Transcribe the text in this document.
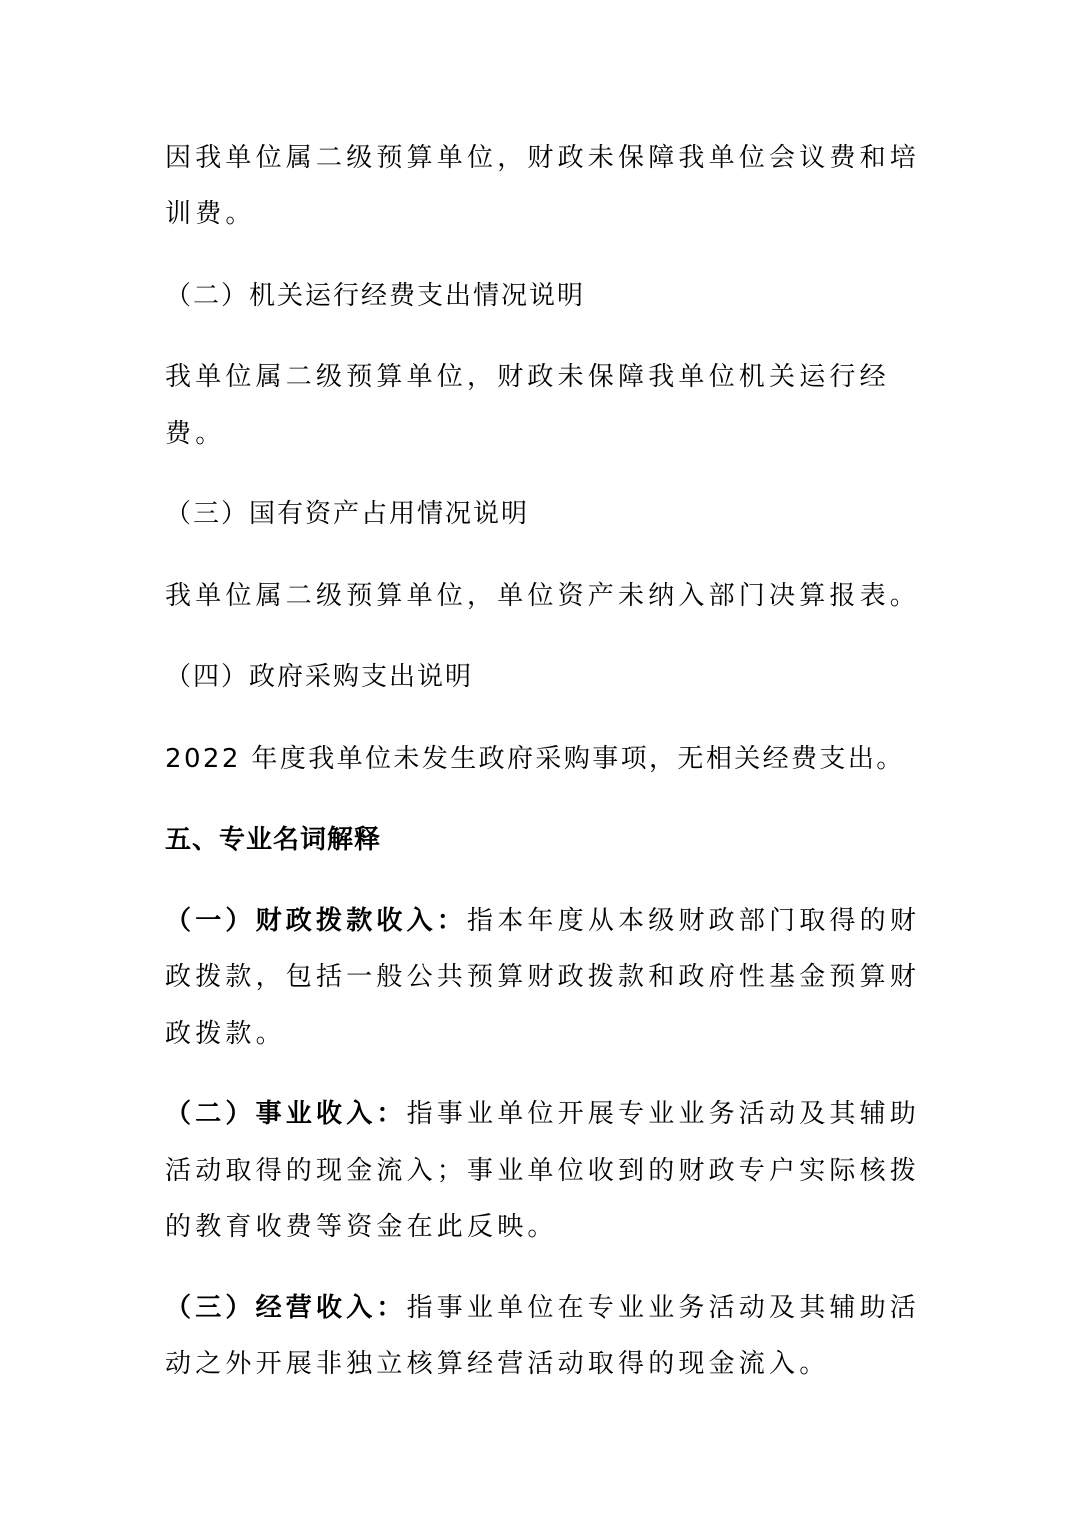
因我单位属二级预算单位，财政未保障我单位会议费和培
训费。
（二）机关运行经费支出情况说明
我单位属二级预算单位，财政未保障我单位机关运行经
费。
（三）国有资产占用情况说明
我单位属二级预算单位，单位资产未纳入部门决算报表。
（四）政府采购支出说明
2022 年度我单位未发生政府采购事项，无相关经费支出。
五、专业名词解释
（一）财政拨款收入：指本年度从本级财政部门取得的财
政拨款，包括一般公共预算财政拨款和政府性基金预算财
政拨款。
（二）事业收入：指事业单位开展专业业务活动及其辅助
活动取得的现金流入；事业单位收到的财政专户实际核拨
的教育收费等资金在此反映。
（三）经营收入：指事业单位在专业业务活动及其辅助活
动之外开展非独立核算经营活动取得的现金流入。
